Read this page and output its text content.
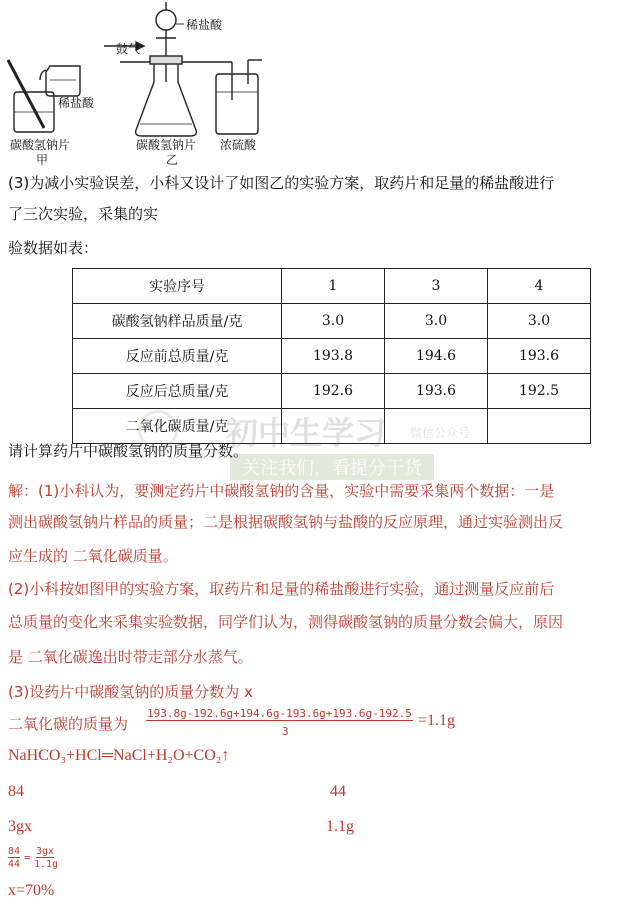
稀盐酸
碳酸氢钠片
甲
鼓气
稀盐酸
碳酸氢钠片 浓硫酸
乙
(3)为减小实验误差，小科又设计了如图乙的实验方案，取药片和足量的稀盐酸进行
了三次实验，采集的实
验数据如表：
实验序号	1	3	4
碳酸氢钠样品质量/克	3.0	3.0	3.0
反应前总质量/克	193.8	194.6	193.6
反应后总质量/克	192.6	193.6	192.5
二氧化碳质量/克			
初中生学习 微信公众号
关注我们，看提分干货
请计算药片中碳酸氢钠的质量分数。
解：(1)小科认为，要测定药片中碳酸氢钠的含量，实验中需要采集两个数据：一是
测出碳酸氢钠片样品的质量；二是根据碳酸氢钠与盐酸的反应原理，通过实验测出反
应生成的 二氧化碳质量。
(2)小科按如图甲的实验方案，取药片和足量的稀盐酸进行实验，通过测量反应前后
总质量的变化来采集实验数据，同学们认为，测得碳酸氢钠的质量分数会偏大，原因
是 二氧化碳逸出时带走部分水蒸气。
(3)设药片中碳酸氢钠的质量分数为 x
二氧化碳的质量为
193.8g-192.6g+194.6g-193.6g+193.6g-192.5
3
=1.1g
NaHCO₃+HCl═NaCl+H₂O+CO₂↑
84	44
3gx	1.1g
84
44
= 3gx
1.1g
x=70%
